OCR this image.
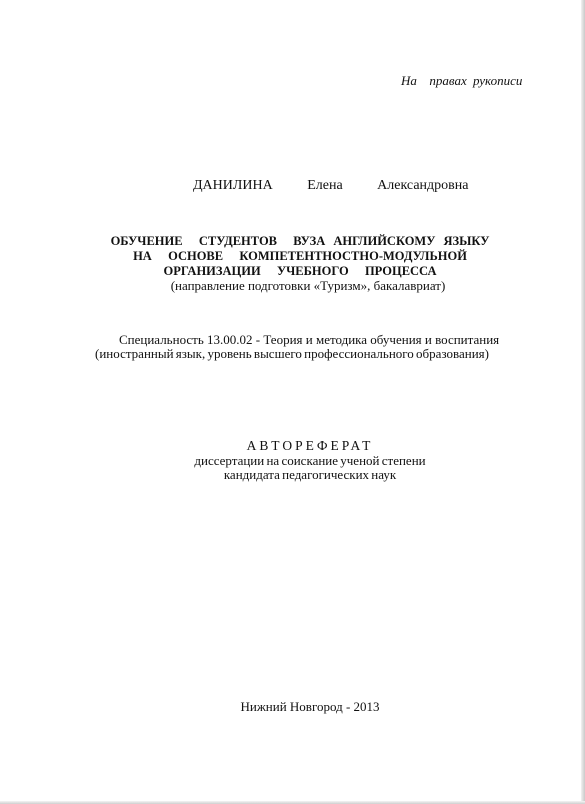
На  правах рукописи
ДАНИЛИНА   Елена   Александровна
ОБУЧЕНИЕ  СТУДЕНТОВ  ВУЗА АНГЛИЙСКОМУ ЯЗЫКУ
НА  ОСНОВЕ  КОМПЕТЕНТНОСТНО-МОДУЛЬНОЙ
ОРГАНИЗАЦИИ  УЧЕБНОГО  ПРОЦЕССА
(направление подготовки «Туризм», бакалавриат)
Специальность 13.00.02 - Теория и методика обучения и воспитания
(иностранный язык, уровень высшего профессионального образования)
АВТОРЕФЕРАТ
диссертации на соискание ученой степени
кандидата педагогических наук
Нижний Новгород - 2013
